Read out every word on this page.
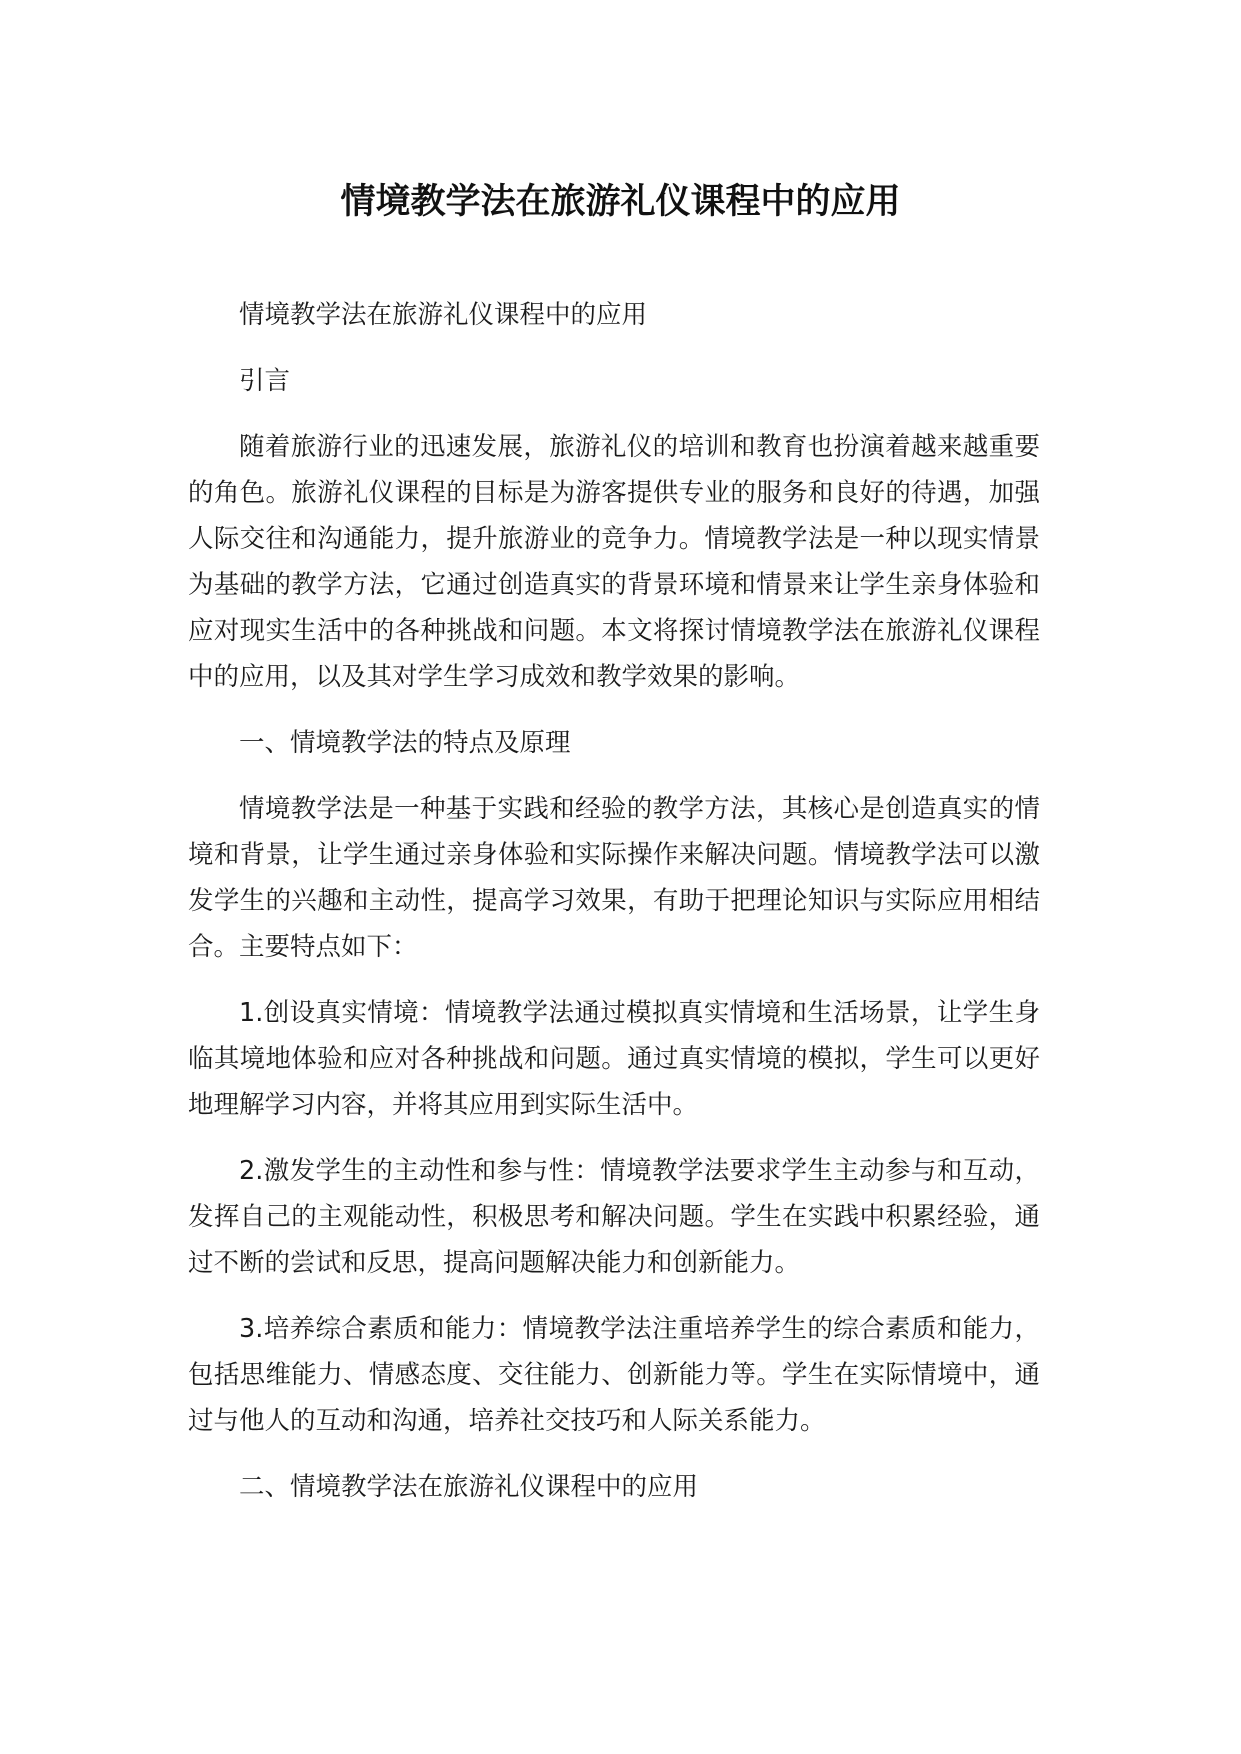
情境教学法在旅游礼仪课程中的应用

情境教学法在旅游礼仪课程中的应用

引言

随着旅游行业的迅速发展，旅游礼仪的培训和教育也扮演着越来越重要的角色。旅游礼仪课程的目标是为游客提供专业的服务和良好的待遇，加强人际交往和沟通能力，提升旅游业的竞争力。情境教学法是一种以现实情景为基础的教学方法，它通过创造真实的背景环境和情景来让学生亲身体验和应对现实生活中的各种挑战和问题。本文将探讨情境教学法在旅游礼仪课程中的应用，以及其对学生学习成效和教学效果的影响。

一、情境教学法的特点及原理

情境教学法是一种基于实践和经验的教学方法，其核心是创造真实的情境和背景，让学生通过亲身体验和实际操作来解决问题。情境教学法可以激发学生的兴趣和主动性，提高学习效果，有助于把理论知识与实际应用相结合。主要特点如下：

1.创设真实情境：情境教学法通过模拟真实情境和生活场景，让学生身临其境地体验和应对各种挑战和问题。通过真实情境的模拟，学生可以更好地理解学习内容，并将其应用到实际生活中。

2.激发学生的主动性和参与性：情境教学法要求学生主动参与和互动，发挥自己的主观能动性，积极思考和解决问题。学生在实践中积累经验，通过不断的尝试和反思，提高问题解决能力和创新能力。

3.培养综合素质和能力：情境教学法注重培养学生的综合素质和能力，包括思维能力、情感态度、交往能力、创新能力等。学生在实际情境中，通过与他人的互动和沟通，培养社交技巧和人际关系能力。

二、情境教学法在旅游礼仪课程中的应用
